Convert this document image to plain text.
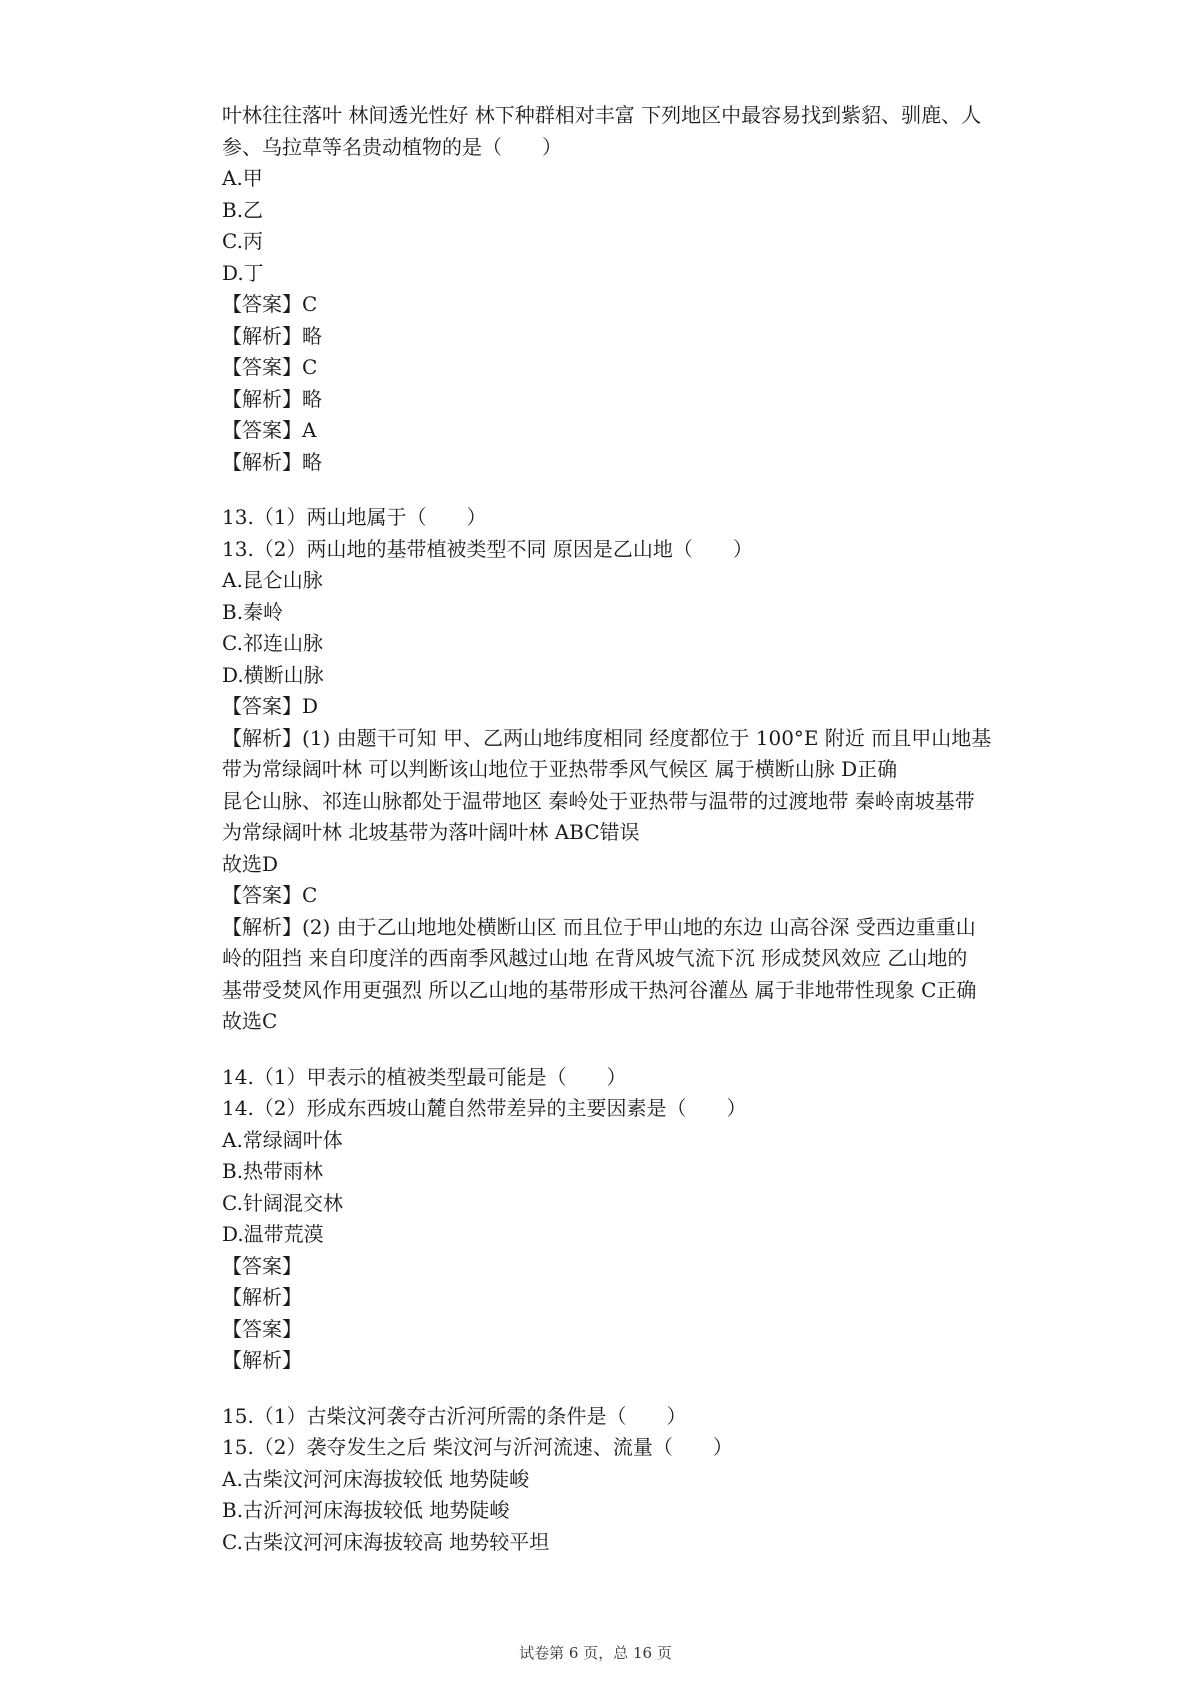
叶林往往落叶 林间透光性好 林下种群相对丰富 下列地区中最容易找到紫貂、驯鹿、人
参、乌拉草等名贵动植物的是（　　）
A.甲
B.乙
C.丙
D.丁
【答案】C
【解析】略
【答案】C
【解析】略
【答案】A
【解析】略
13.（1）两山地属于（　　）
13.（2）两山地的基带植被类型不同 原因是乙山地（　　）
A.昆仑山脉
B.秦岭
C.祁连山脉
D.横断山脉
【答案】D
【解析】(1) 由题干可知 甲、乙两山地纬度相同 经度都位于 100°E 附近 而且甲山地基
带为常绿阔叶林 可以判断该山地位于亚热带季风气候区 属于横断山脉 D正确
昆仑山脉、祁连山脉都处于温带地区 秦岭处于亚热带与温带的过渡地带 秦岭南坡基带
为常绿阔叶林 北坡基带为落叶阔叶林 ABC错误
故选D
【答案】C
【解析】(2) 由于乙山地地处横断山区 而且位于甲山地的东边 山高谷深 受西边重重山
岭的阻挡 来自印度洋的西南季风越过山地 在背风坡气流下沉 形成焚风效应 乙山地的
基带受焚风作用更强烈 所以乙山地的基带形成干热河谷灌丛 属于非地带性现象 C正确
故选C
14.（1）甲表示的植被类型最可能是（　　）
14.（2）形成东西坡山麓自然带差异的主要因素是（　　）
A.常绿阔叶体
B.热带雨林
C.针阔混交林
D.温带荒漠
【答案】
【解析】
【答案】
【解析】
15.（1）古柴汶河袭夺古沂河所需的条件是（　　）
15.（2）袭夺发生之后 柴汶河与沂河流速、流量（　　）
A.古柴汶河河床海拔较低 地势陡峻
B.古沂河河床海拔较低 地势陡峻
C.古柴汶河河床海拔较高 地势较平坦
试卷第 6 页，总 16 页
